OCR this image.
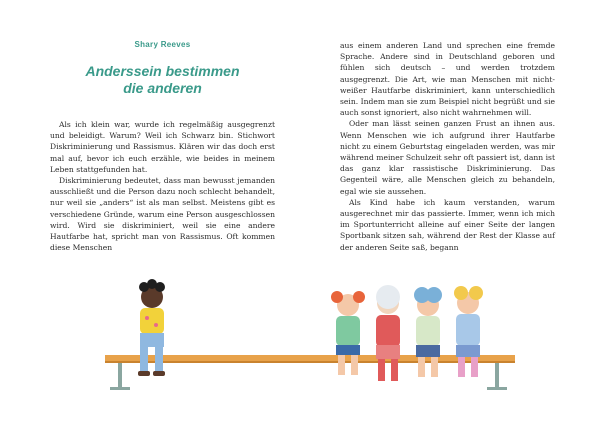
Shary Reeves
Anderssein bestimmen
die anderen

Als ich klein war, wurde ich regelmäßig ausgegrenzt und beleidigt. Warum? Weil ich Schwarz bin. Stichwort Diskriminierung und Rassismus. Klären wir das doch erst mal auf, bevor ich euch erzähle, wie beides in meinem Leben stattgefunden hat.

Diskriminierung bedeutet, dass man bewusst jemanden ausschließt und die Person dazu noch schlecht behandelt, nur weil sie „anders“ ist als man selbst. Meistens gibt es verschiedene Gründe, warum eine Person ausgeschlossen wird. Wird sie diskriminiert, weil sie eine andere Hautfarbe hat, spricht man von Rassismus. Oft kommen diese Menschen

aus einem anderen Land und sprechen eine fremde Sprache. Andere sind in Deutschland geboren und fühlen sich deutsch – und werden trotzdem ausgegrenzt. Die Art, wie man Menschen mit nicht-weißer Hautfarbe diskriminiert, kann unterschiedlich sein. Indem man sie zum Beispiel nicht begrüßt und sie auch sonst ignoriert, also nicht wahrnehmen will.

Oder man lässt seinen ganzen Frust an ihnen aus. Wenn Menschen wie ich aufgrund ihrer Hautfarbe nicht zu einem Geburtstag eingeladen werden, was mir während meiner Schulzeit sehr oft passiert ist, dann ist das ganz klar rassistische Diskriminierung. Das Gegenteil wäre, alle Menschen gleich zu behandeln, egal wie sie aussehen.

Als Kind habe ich kaum verstanden, warum ausgerechnet mir das passierte. Immer, wenn ich mich im Sportunterricht alleine auf einer Seite der langen Sportbank sitzen sah, während der Rest der Klasse auf der anderen Seite saß, begann
